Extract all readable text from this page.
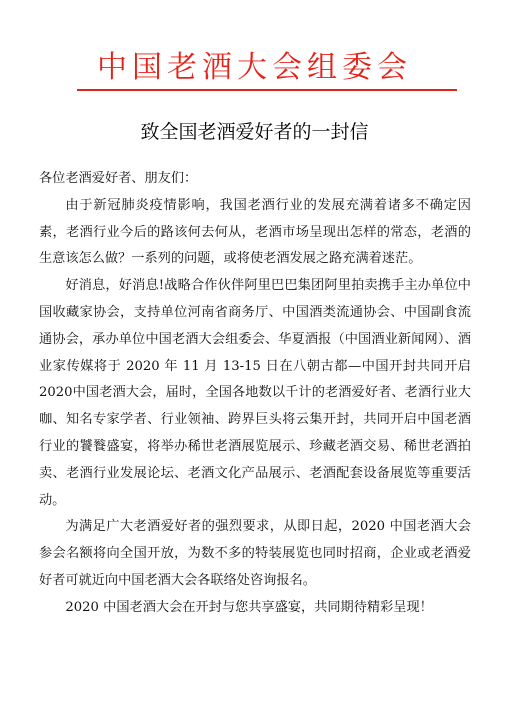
中国老酒大会组委会
致全国老酒爱好者的一封信

各位老酒爱好者、朋友们：

由于新冠肺炎疫情影响，我国老酒行业的发展充满着诸多不确定因素，老酒行业今后的路该何去何从，老酒市场呈现出怎样的常态，老酒的生意该怎么做？一系列的问题，或将使老酒发展之路充满着迷茫。

好消息，好消息!战略合作伙伴阿里巴巴集团阿里拍卖携手主办单位中国收藏家协会，支持单位河南省商务厅、中国酒类流通协会、中国副食流通协会，承办单位中国老酒大会组委会、华夏酒报（中国酒业新闻网）、酒业家传媒将于 2020 年 11 月 13-15 日在八朝古都—中国开封共同开启2020中国老酒大会，届时，全国各地数以千计的老酒爱好者、老酒行业大咖、知名专家学者、行业领袖、跨界巨头将云集开封，共同开启中国老酒行业的饕餮盛宴，将举办稀世老酒展览展示、珍藏老酒交易、稀世老酒拍卖、老酒行业发展论坛、老酒文化产品展示、老酒配套设备展览等重要活动。

为满足广大老酒爱好者的强烈要求，从即日起，2020 中国老酒大会参会名额将向全国开放，为数不多的特装展览也同时招商，企业或老酒爱好者可就近向中国老酒大会各联络处咨询报名。

2020 中国老酒大会在开封与您共享盛宴，共同期待精彩呈现！
